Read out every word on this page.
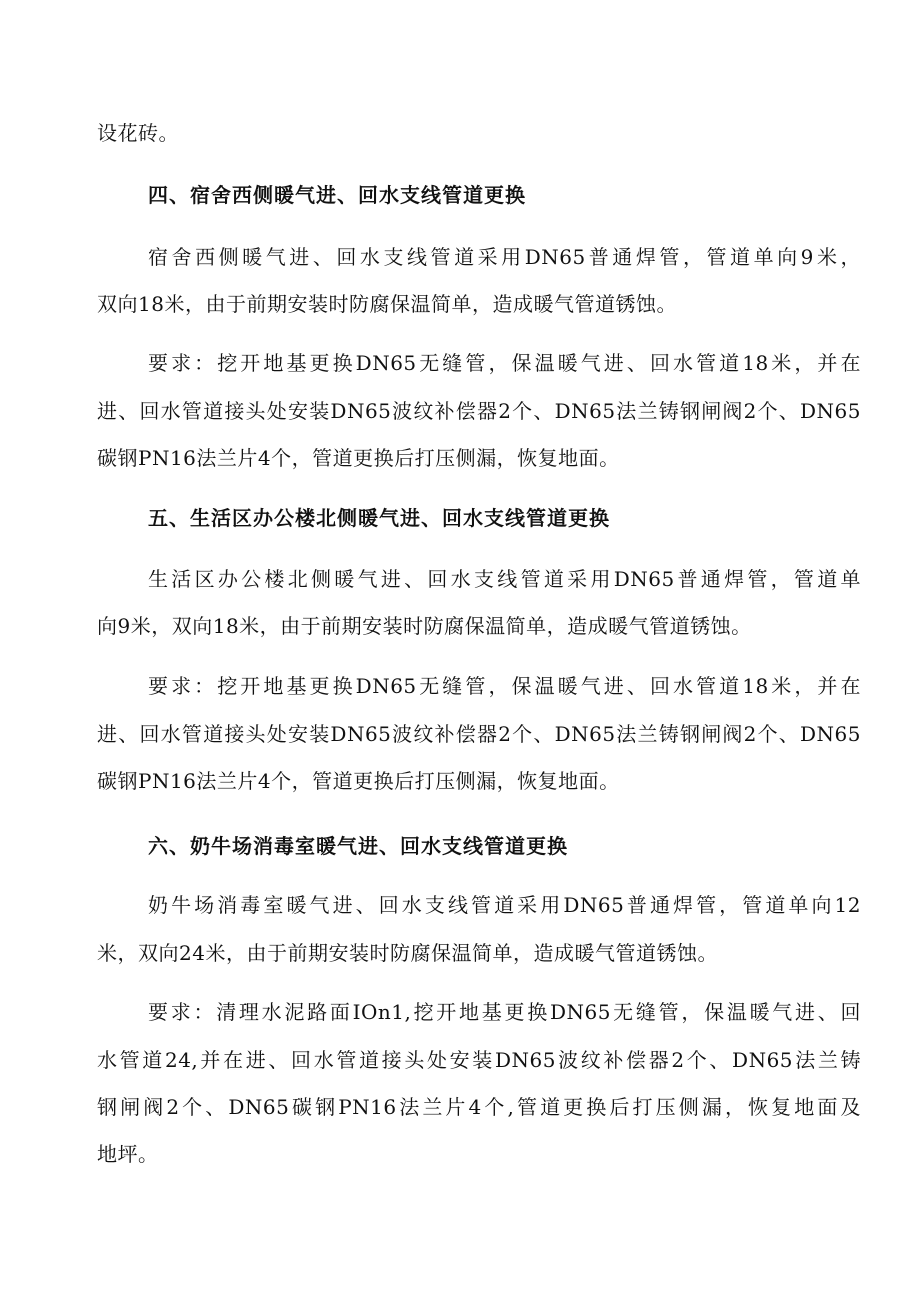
设花砖。
四、宿舍西侧暖气进、回水支线管道更换
宿舍西侧暖气进、回水支线管道采用DN65普通焊管，管道单向9米，
双向18米，由于前期安装时防腐保温简单，造成暖气管道锈蚀。
要求：挖开地基更换DN65无缝管，保温暖气进、回水管道18米，并在
进、回水管道接头处安装DN65波纹补偿器2个、DN65法兰铸钢闸阀2个、DN65
碳钢PN16法兰片4个，管道更换后打压侧漏，恢复地面。
五、生活区办公楼北侧暖气进、回水支线管道更换
生活区办公楼北侧暖气进、回水支线管道采用DN65普通焊管，管道单
向9米，双向18米，由于前期安装时防腐保温简单，造成暖气管道锈蚀。
要求：挖开地基更换DN65无缝管，保温暖气进、回水管道18米，并在
进、回水管道接头处安装DN65波纹补偿器2个、DN65法兰铸钢闸阀2个、DN65
碳钢PN16法兰片4个，管道更换后打压侧漏，恢复地面。
六、奶牛场消毒室暖气进、回水支线管道更换
奶牛场消毒室暖气进、回水支线管道采用DN65普通焊管，管道单向12
米，双向24米，由于前期安装时防腐保温简单，造成暖气管道锈蚀。
要求：清理水泥路面IOn1,挖开地基更换DN65无缝管，保温暖气进、回
水管道24,并在进、回水管道接头处安装DN65波纹补偿器2个、DN65法兰铸
钢闸阀2个、DN65碳钢PN16法兰片4个,管道更换后打压侧漏，恢复地面及
地坪。
